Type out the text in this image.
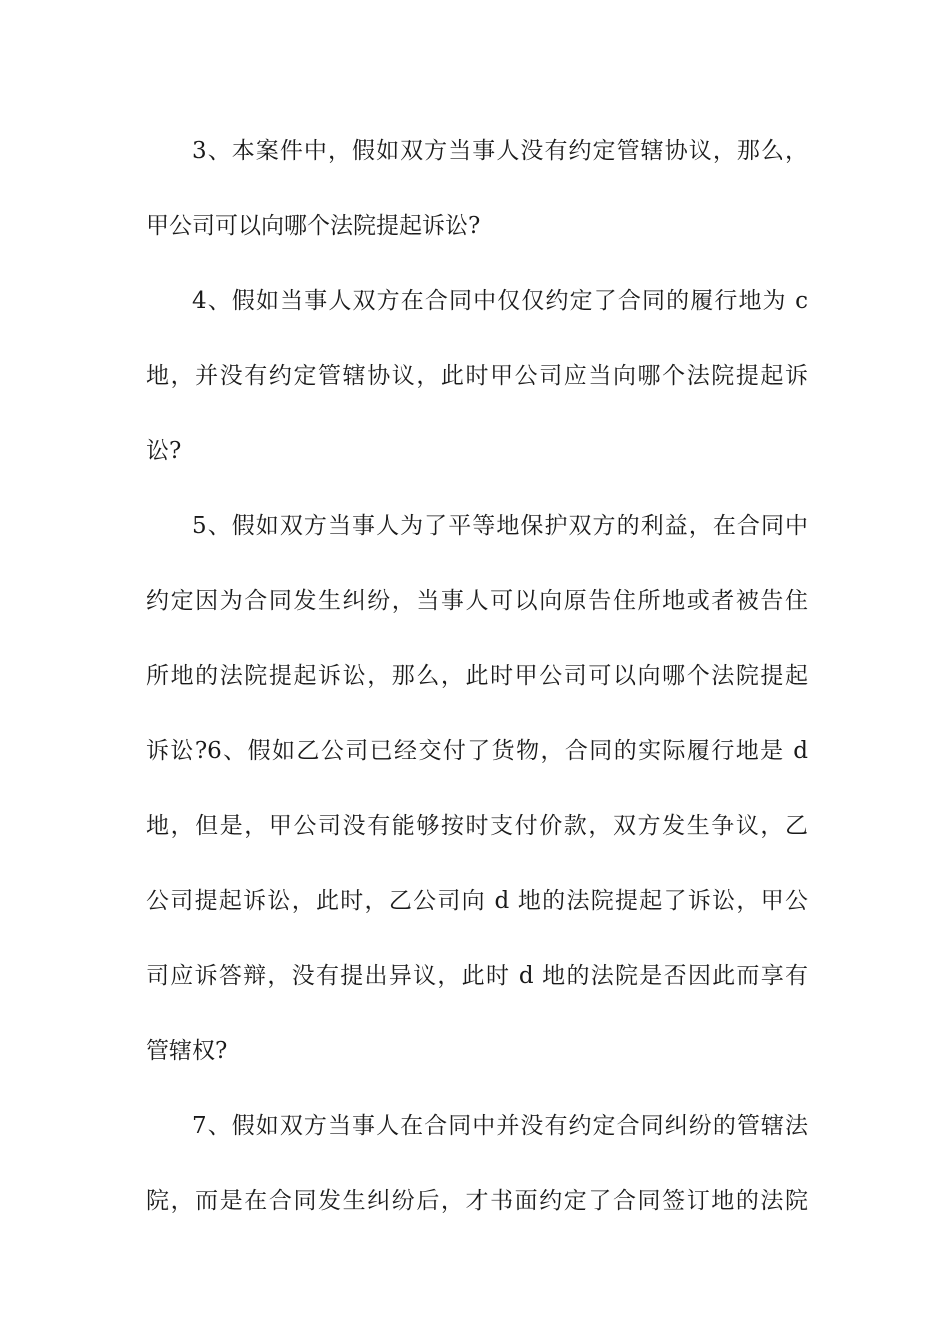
3、本案件中，假如双方当事人没有约定管辖协议，那么，
甲公司可以向哪个法院提起诉讼?
4、假如当事人双方在合同中仅仅约定了合同的履行地为 c
地，并没有约定管辖协议，此时甲公司应当向哪个法院提起诉
讼?
5、假如双方当事人为了平等地保护双方的利益，在合同中
约定因为合同发生纠纷，当事人可以向原告住所地或者被告住
所地的法院提起诉讼，那么，此时甲公司可以向哪个法院提起
诉讼?6、假如乙公司已经交付了货物，合同的实际履行地是 d
地，但是，甲公司没有能够按时支付价款，双方发生争议，乙
公司提起诉讼，此时，乙公司向 d 地的法院提起了诉讼，甲公
司应诉答辩，没有提出异议，此时 d 地的法院是否因此而享有
管辖权?
7、假如双方当事人在合同中并没有约定合同纠纷的管辖法
院，而是在合同发生纠纷后，才书面约定了合同签订地的法院
